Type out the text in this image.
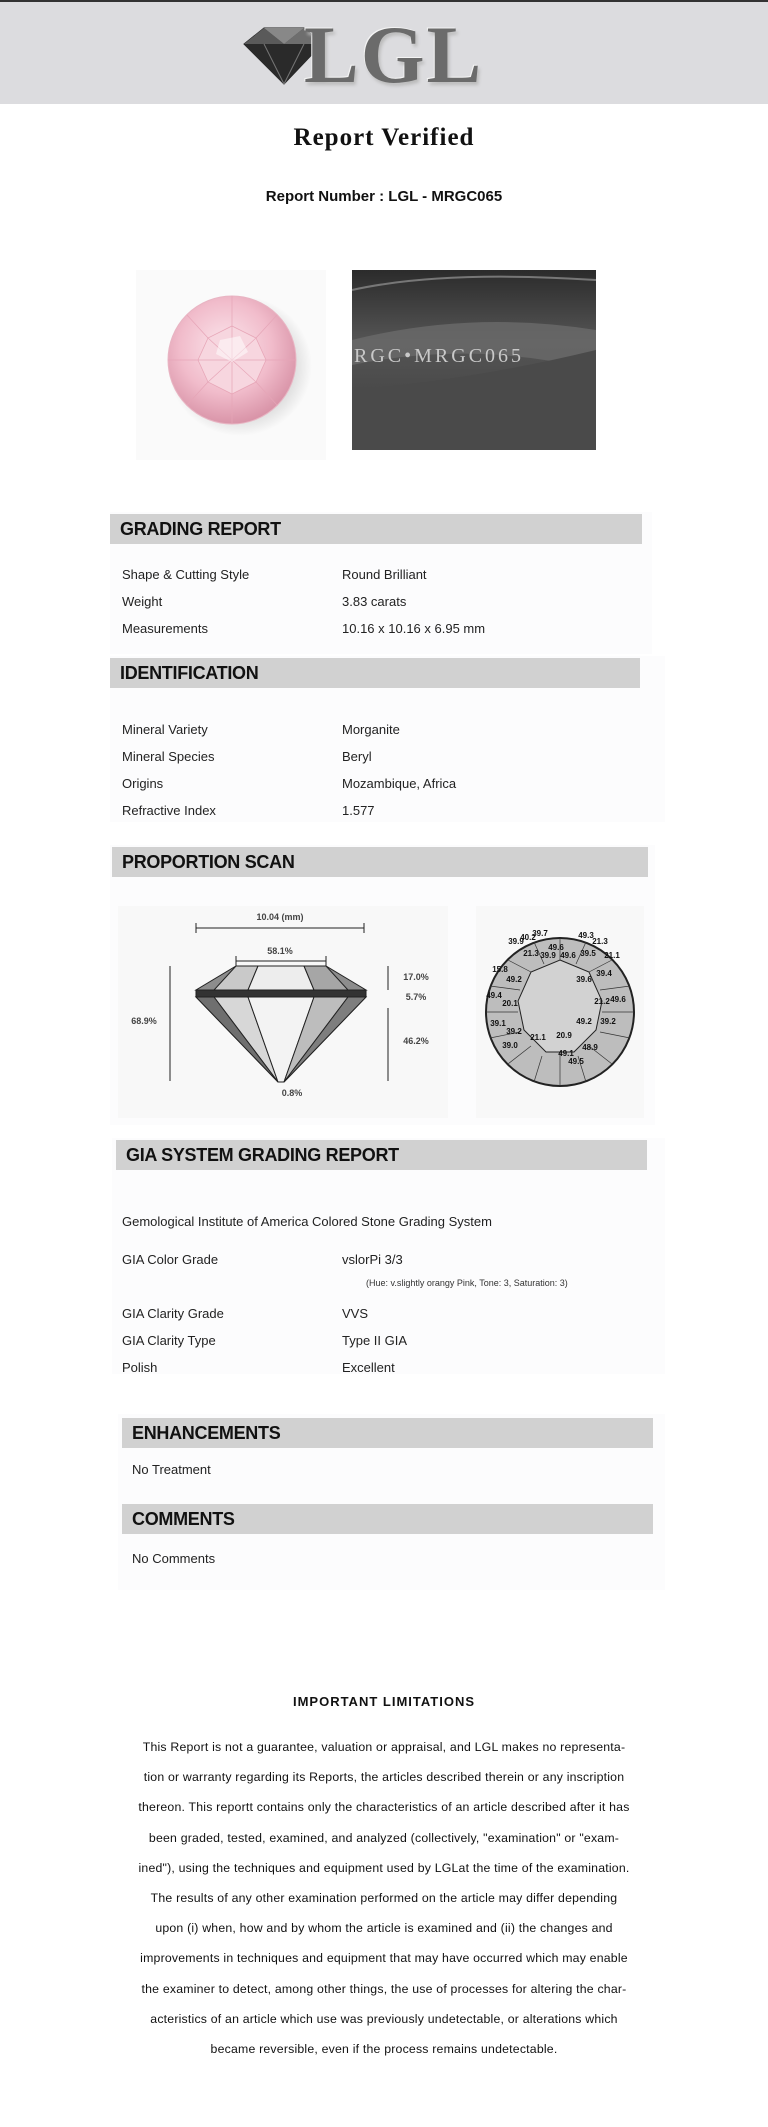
LGL
Report Verified
Report Number : LGL - MRGC065
RGC•MRGC065
GRADING REPORT
Shape & Cutting Style	Round Brilliant
Weight	3.83 carats
Measurements	10.16 x 10.16 x 6.95 mm
IDENTIFICATION
Mineral Variety	Morganite
Mineral Species	Beryl
Origins	Mozambique, Africa
Refractive Index	1.577
PROPORTION SCAN
10.04 (mm)
58.1%
68.9%
17.0%
5.7%
46.2%
0.8%
39.9
40.2
39.7
49.6
49.3
21.3
21.3 39.9 49.6 39.5 21.1
15.8
49.2	39.6
39.4
49.4
20.1	21.2 49.6
39.1
39.2
21.1 20.9
49.2 39.2
39.0
49.1
48.9
49.5
GIA SYSTEM GRADING REPORT
Gemological Institute of America Colored Stone Grading System
GIA Color Grade	vslorPi 3/3
(Hue: v.slightly orangy Pink, Tone: 3, Saturation: 3)
GIA Clarity Grade	VVS
GIA Clarity Type	Type II GIA
Polish	Excellent
ENHANCEMENTS
No Treatment
COMMENTS
No Comments
IMPORTANT LIMITATIONS
This Report is not a guarantee, valuation or appraisal, and LGL makes no representa-
tion or warranty regarding its Reports, the articles described therein or any inscription
thereon. This reportt contains only the characteristics of an article described after it has
been graded, tested, examined, and analyzed (collectively, "examination" or "exam-
ined"), using the techniques and equipment used by LGLat the time of the examination.
The results of any other examination performed on the article may differ depending
upon (i) when, how and by whom the article is examined and (ii) the changes and
improvements in techniques and equipment that may have occurred which may enable
the examiner to detect, among other things, the use of processes for altering the char-
acteristics of an article which use was previously undetectable, or alterations which
became reversible, even if the process remains undetectable.
